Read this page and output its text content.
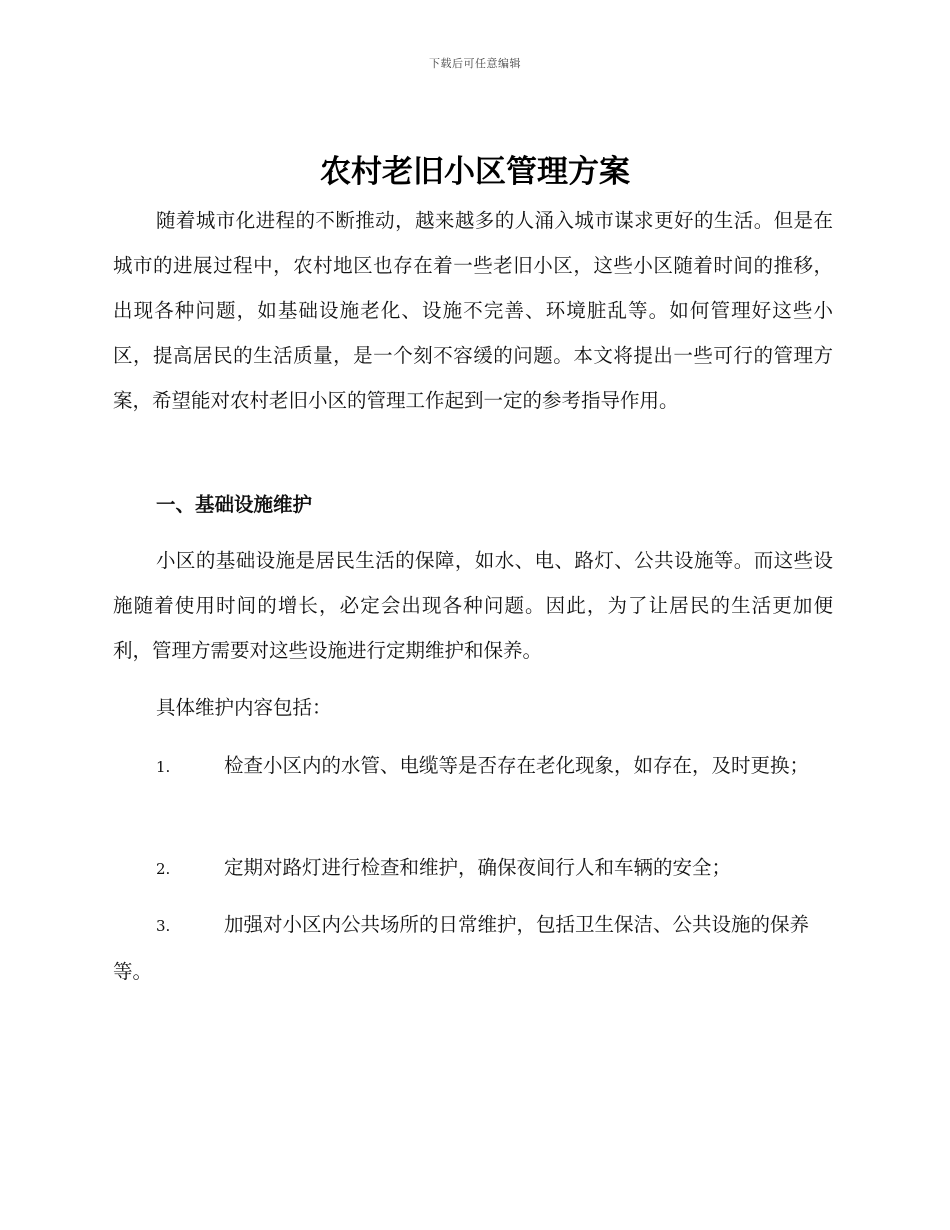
下载后可任意编辑
农村老旧小区管理方案

随着城市化进程的不断推动，越来越多的人涌入城市谋求更好的生活。但是在城市的进展过程中，农村地区也存在着一些老旧小区，这些小区随着时间的推移，出现各种问题，如基础设施老化、设施不完善、环境脏乱等。如何管理好这些小区，提高居民的生活质量，是一个刻不容缓的问题。本文将提出一些可行的管理方案，希望能对农村老旧小区的管理工作起到一定的参考指导作用。

一、基础设施维护

小区的基础设施是居民生活的保障，如水、电、路灯、公共设施等。而这些设施随着使用时间的增长，必定会出现各种问题。因此，为了让居民的生活更加便利，管理方需要对这些设施进行定期维护和保养。

具体维护内容包括：

1.	检查小区内的水管、电缆等是否存在老化现象，如存在，及时更换；

2.	定期对路灯进行检查和维护，确保夜间行人和车辆的安全；

3.	加强对小区内公共场所的日常维护，包括卫生保洁、公共设施的保养等。
